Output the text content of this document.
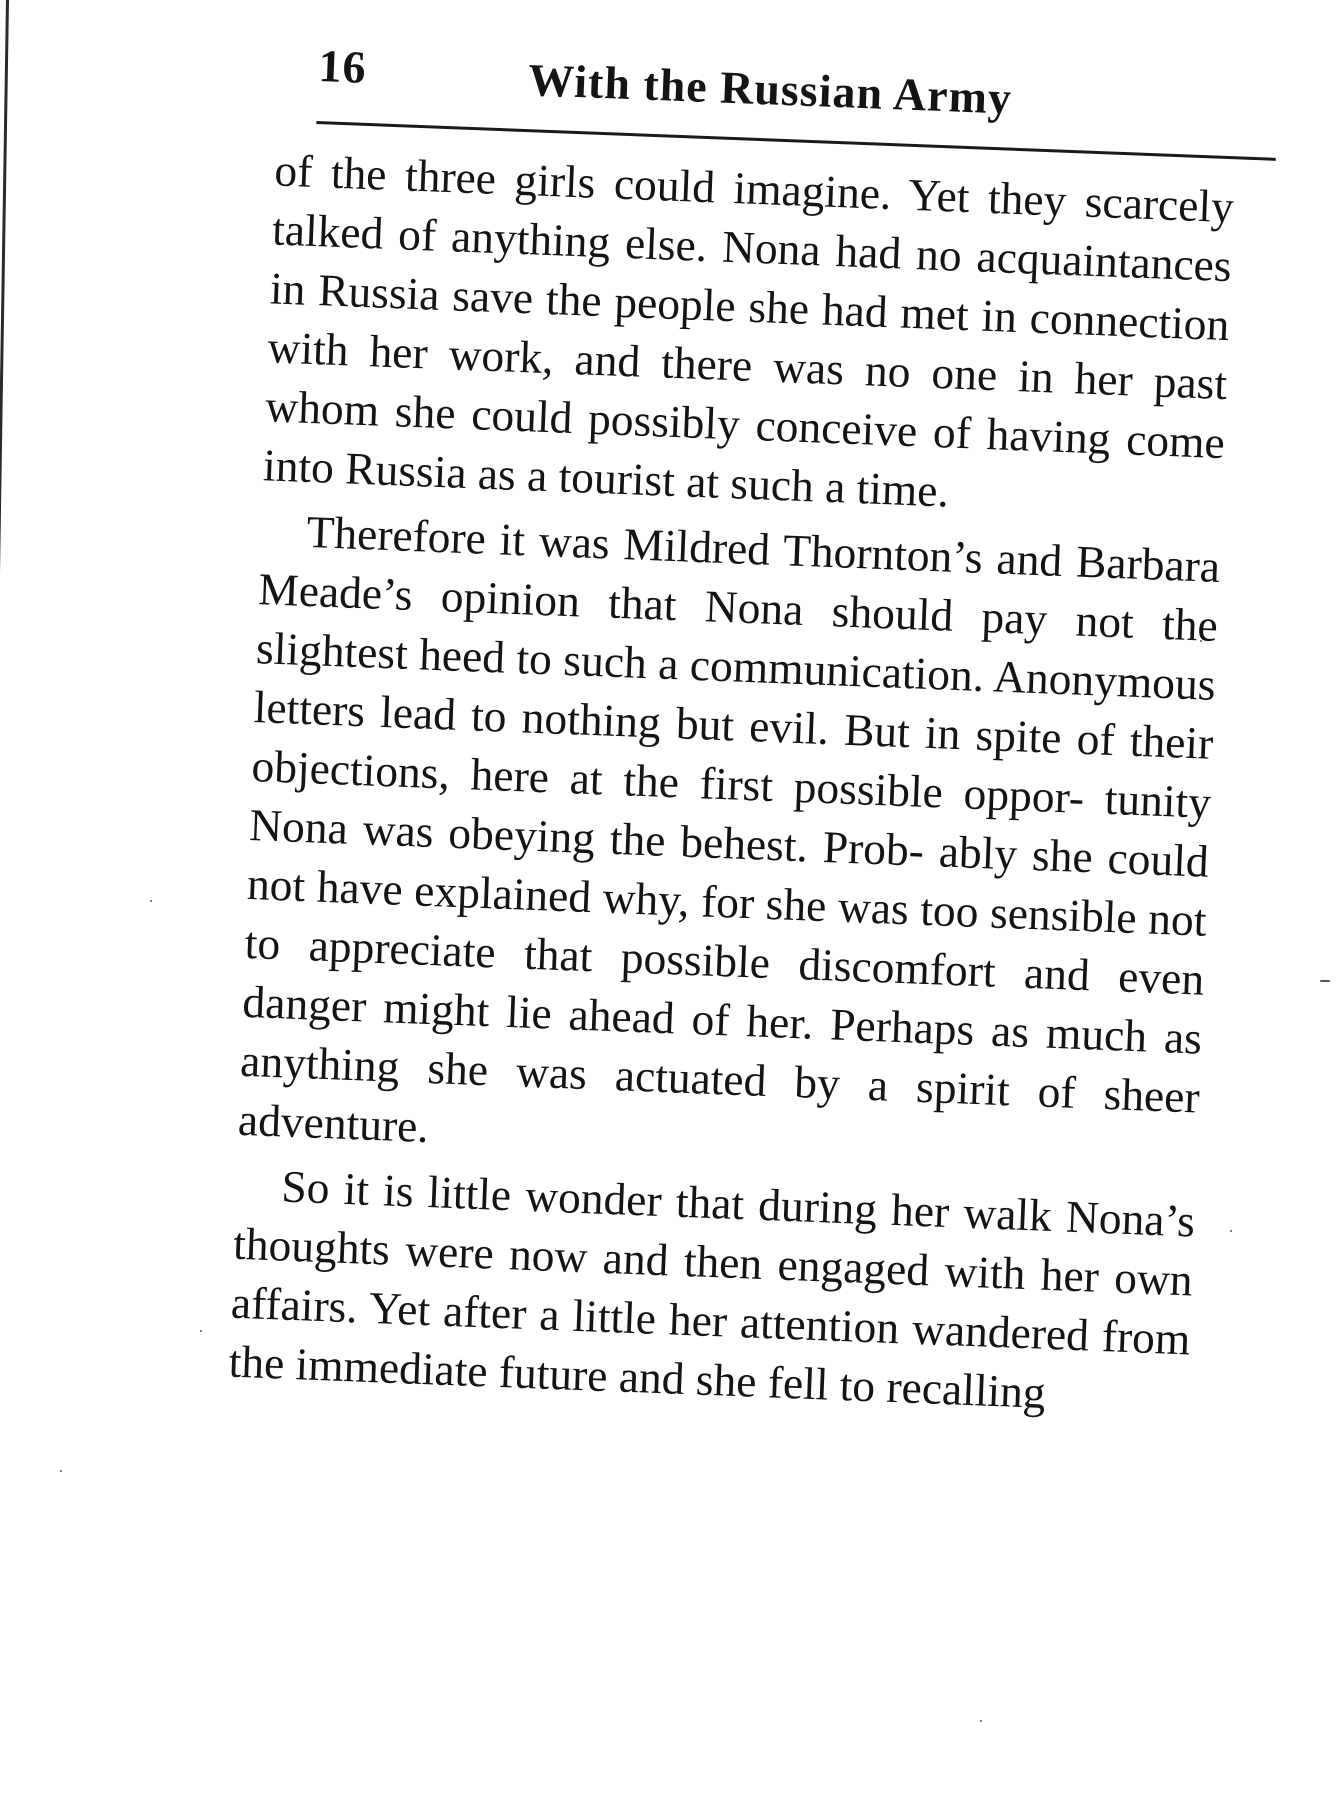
16	With the Russian Army

of the three girls could imagine. Yet they scarcely talked of anything else. Nona had no acquaintances in Russia save the people she had met in connection with her work, and there was no one in her past whom she could possibly conceive of having come into Russia as a tourist at such a time.

Therefore it was Mildred Thornton’s and Barbara Meade’s opinion that Nona should pay not the slightest heed to such a communication. Anonymous letters lead to nothing but evil. But in spite of their objections, here at the first possible oppor- tunity Nona was obeying the behest. Prob- ably she could not have explained why, for she was too sensible not to appreciate that possible discomfort and even danger might lie ahead of her. Perhaps as much as anything she was actuated by a spirit of sheer adventure.

So it is little wonder that during her walk Nona’s thoughts were now and then engaged with her own affairs. Yet after a little her attention wandered from the immediate future and she fell to recalling
